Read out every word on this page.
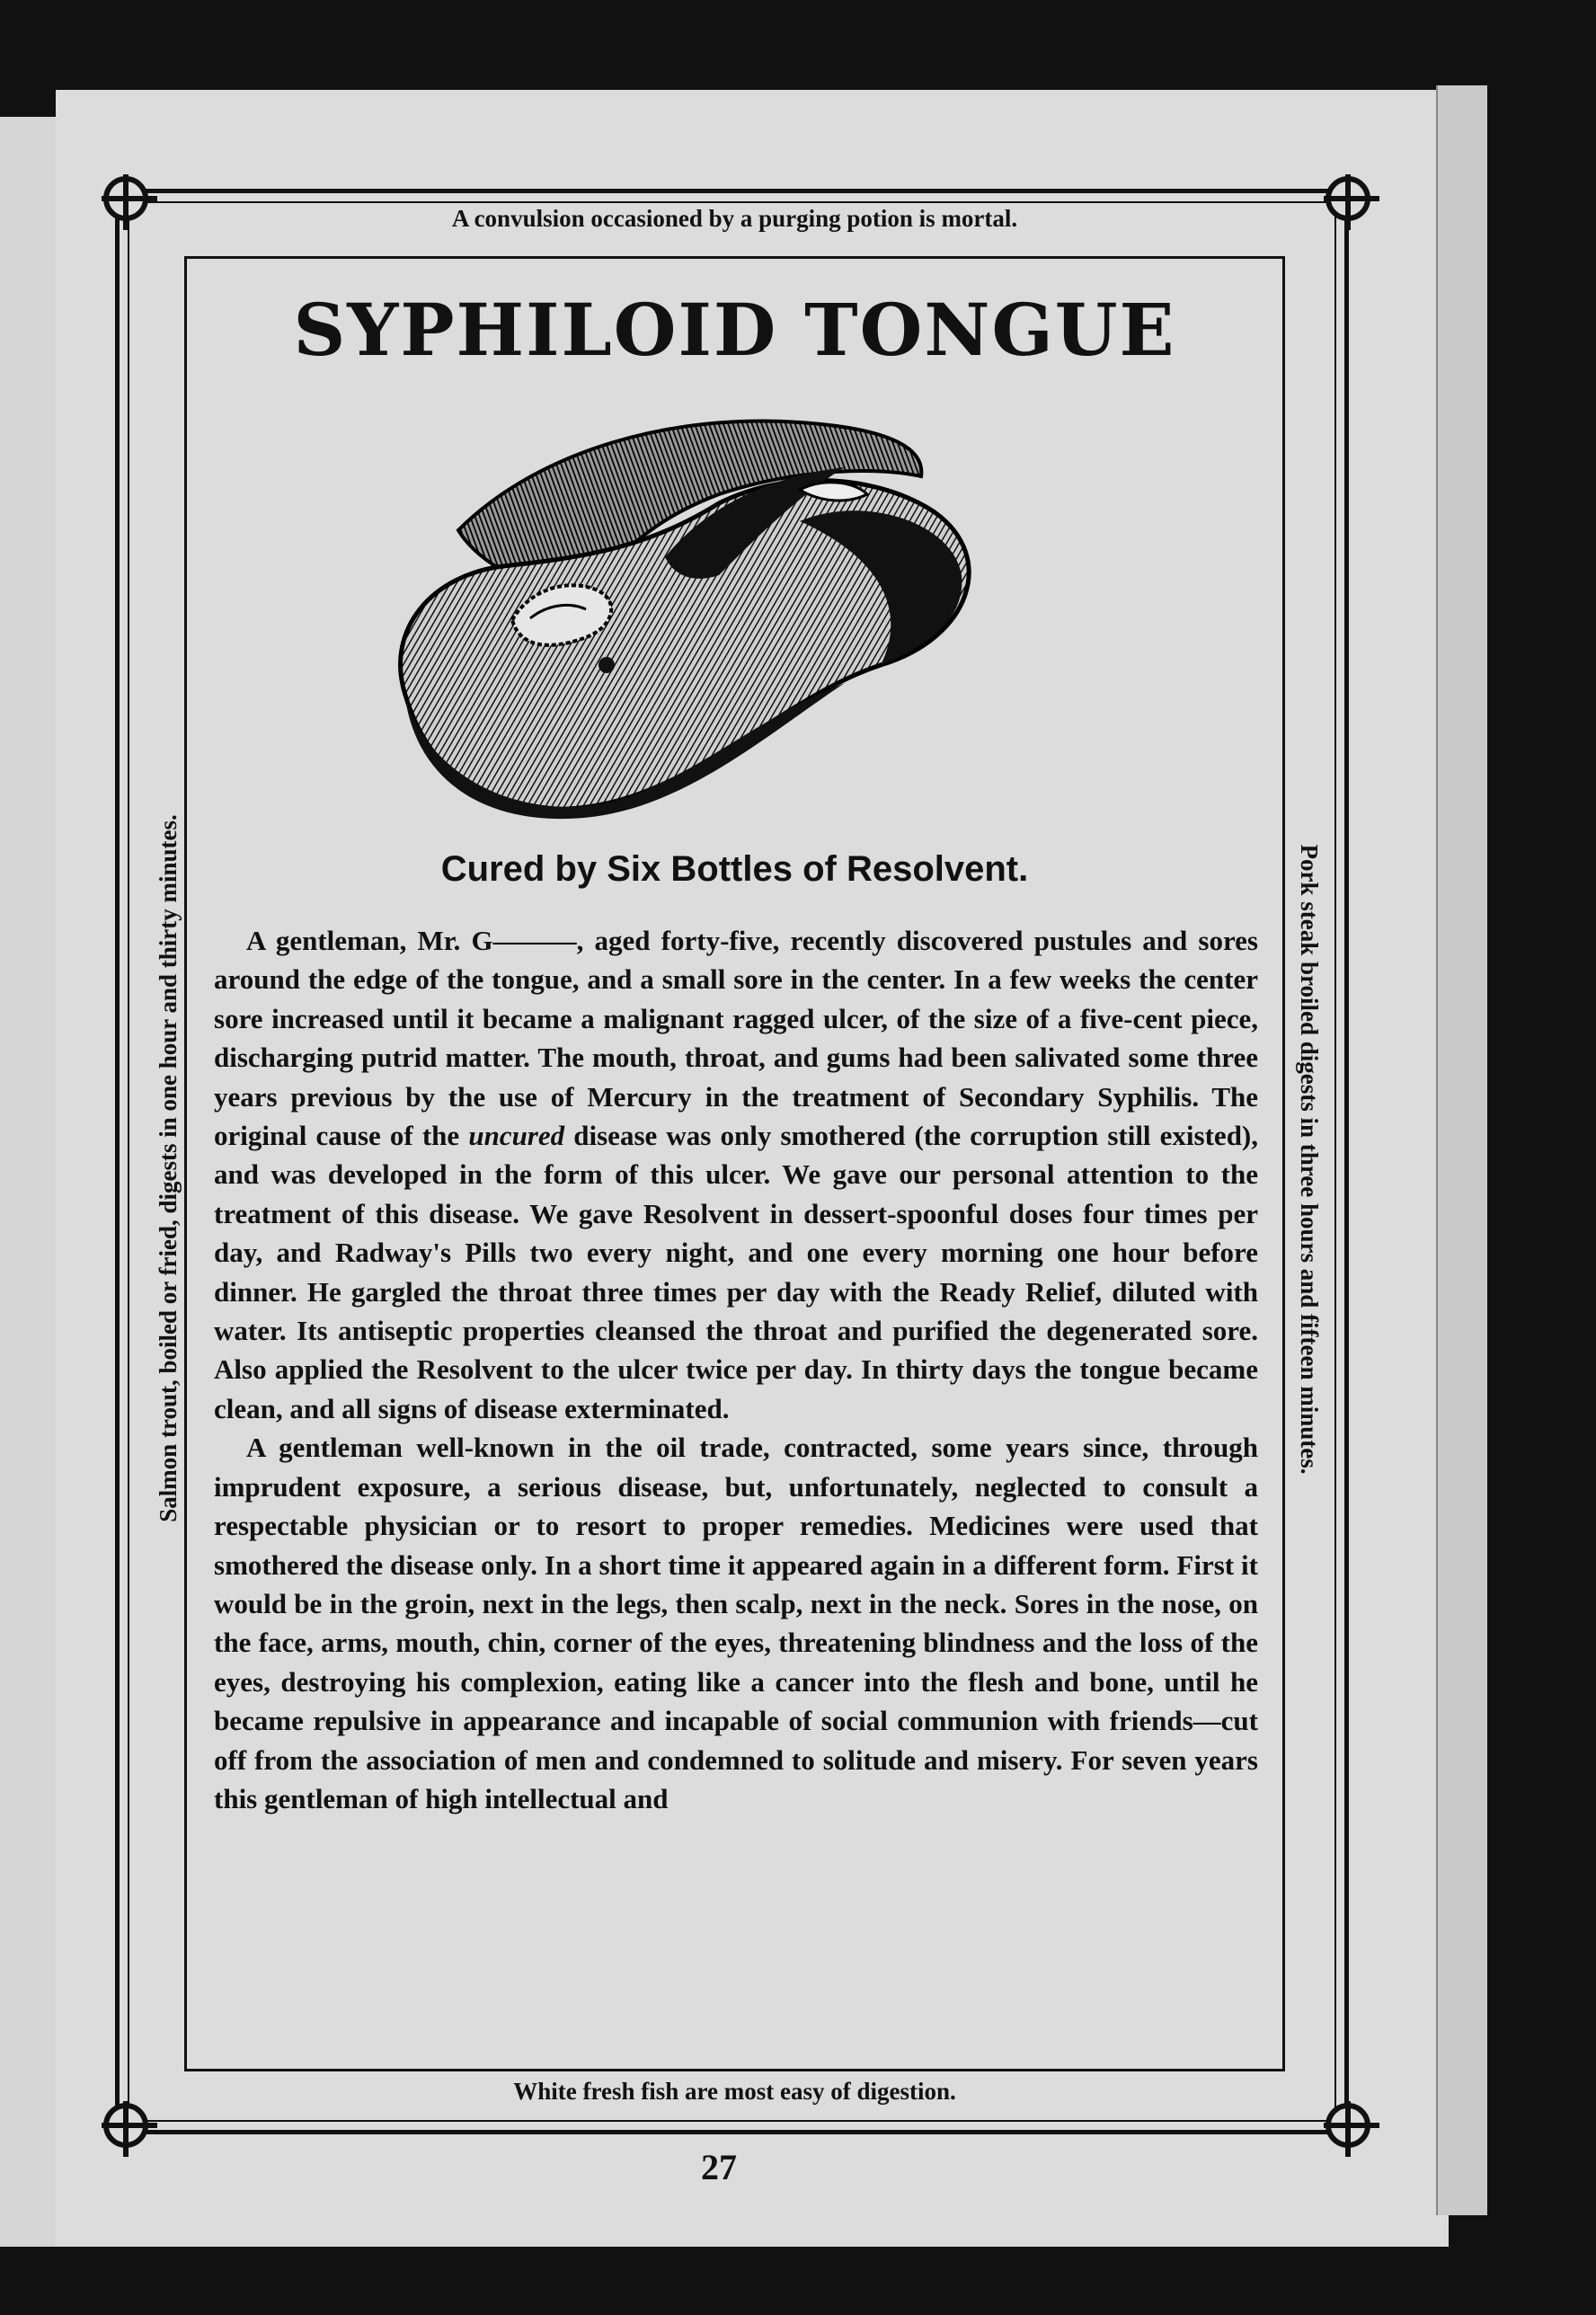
A convulsion occasioned by a purging potion is mortal.
White fresh fish are most easy of digestion.
Salmon trout, boiled or fried, digests in one hour and thirty minutes.	Pork steak broiled digests in three hours and fifteen minutes.
SYPHILOID TONGUE
Cured by Six Bottles of Resolvent.

A gentleman, Mr. G———, aged forty-five, recently discovered pustules and sores around the edge of the tongue, and a small sore in the center. In a few weeks the center sore increased until it became a malignant ragged ulcer, of the size of a five-cent piece, discharging putrid matter. The mouth, throat, and gums had been salivated some three years previous by the use of Mercury in the treatment of Secondary Syphilis. The original cause of the uncured disease was only smothered (the corruption still existed), and was developed in the form of this ulcer. We gave our personal attention to the treatment of this disease. We gave Resolvent in dessert-spoonful doses four times per day, and Radway's Pills two every night, and one every morning one hour before dinner. He gargled the throat three times per day with the Ready Relief, diluted with water. Its antiseptic properties cleansed the throat and purified the degenerated sore. Also applied the Resolvent to the ulcer twice per day. In thirty days the tongue became clean, and all signs of disease exterminated.

A gentleman well-known in the oil trade, contracted, some years since, through imprudent exposure, a serious disease, but, unfortunately, neglected to consult a respectable physician or to resort to proper remedies. Medicines were used that smothered the disease only. In a short time it appeared again in a different form. First it would be in the groin, next in the legs, then scalp, next in the neck. Sores in the nose, on the face, arms, mouth, chin, corner of the eyes, threatening blindness and the loss of the eyes, destroying his complexion, eating like a cancer into the flesh and bone, until he became repulsive in appearance and incapable of social communion with friends—cut off from the association of men and condemned to solitude and misery. For seven years this gentleman of high intellectual and

27
